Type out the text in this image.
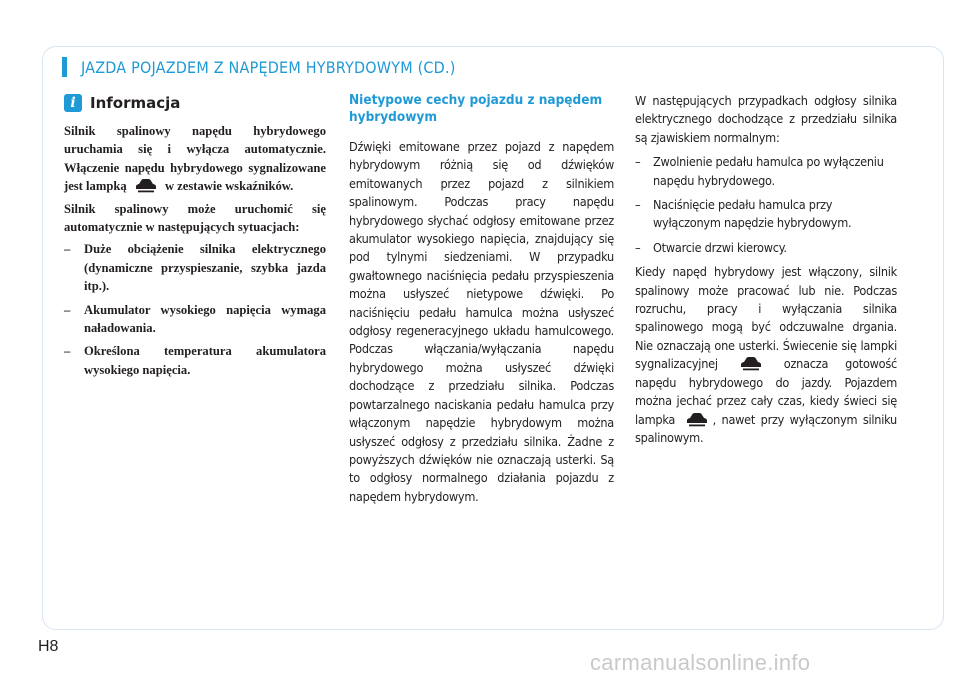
JAZDA POJAZDEM Z NAPĘDEM HYBRYDOWYM (CD.)
i Informacja

Silnik spalinowy napędu hybrydowego uruchamia się i wyłącza automatycznie. Włączenie napędu hybrydowego sygnalizowane jest lampką	w zestawie wskaźników.

Silnik spalinowy może uruchomić się automatycznie w następujących sytuacjach:

– Duże obciążenie silnika elektrycznego (dynamiczne przyspieszanie, szybka jazda itp.).
– Akumulator wysokiego napięcia wymaga naładowania.
– Określona temperatura akumulatora wysokiego napięcia.
Nietypowe cechy pojazdu z napędem hybrydowym

Dźwięki emitowane przez pojazd z napędem hybrydowym różnią się od dźwięków emitowanych przez pojazd z silnikiem spalinowym. Podczas pracy napędu hybrydowego słychać odgłosy emitowane przez akumulator wysokiego napięcia, znajdujący się pod tylnymi siedzeniami. W przypadku gwałtownego naciśnięcia pedału przyspieszenia można usłyszeć nietypowe dźwięki. Po naciśnięciu pedału hamulca można usłyszeć odgłosy regeneracyjnego układu hamulcowego. Podczas włączania/wyłączania napędu hybrydowego można usłyszeć dźwięki dochodzące z przedziału silnika. Podczas powtarzalnego naciskania pedału hamulca przy włączonym napędzie hybrydowym można usłyszeć odgłosy z przedziału silnika. Żadne z powyższych dźwięków nie oznaczają usterki. Są to odgłosy normalnego działania pojazdu z napędem hybrydowym.

W następujących przypadkach odgłosy silnika elektrycznego dochodzące z przedziału silnika są zjawiskiem normalnym:

– Zwolnienie pedału hamulca po wyłączeniu napędu hybrydowego.
– Naciśnięcie pedału hamulca przy wyłączonym napędzie hybrydowym.
– Otwarcie drzwi kierowcy.

Kiedy napęd hybrydowy jest włączony, silnik spalinowy może pracować lub nie. Podczas rozruchu, pracy i wyłączania silnika spalinowego mogą być odczuwalne drgania. Nie oznaczają one usterki. Świecenie się lampki sygnalizacyjnej	oznacza gotowość napędu hybrydowego do jazdy. Pojazdem można jechać przez cały czas, kiedy świeci się lampka	, nawet przy wyłączonym silniku spalinowym.

H8
carmanualsonline.info
